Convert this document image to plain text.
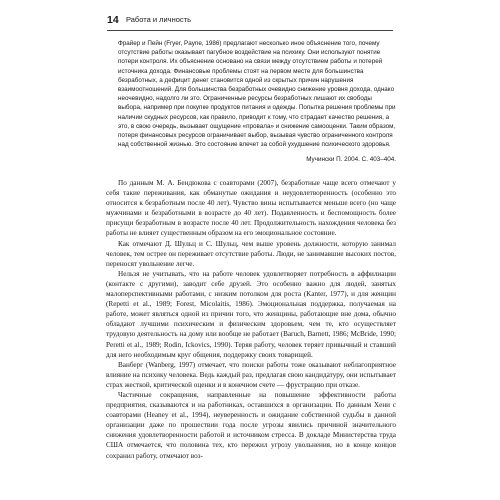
14 Работа и личность

Фрайер и Пейн (Fryer, Payne, 1986) предлагают несколько иное объяснение того, почему отсутствие работы оказывает пагубное воздействие на психику. Они используют понятие потери контроля. Их объяснение основано на связи между отсутствием работы и потерей источника дохода. Финансовые проблемы стоят на первом месте для большинства безработных, а дефицит денег становится одной из скрытых причин нарушения взаимоотношений. Для большинства безработных очевидно снижение уровня дохода, однако неочевидно, надолго ли это. Ограниченные ресурсы безработных лишают их свободы выбора, например при покупке продуктов питания и одежды. Попытка решения проблемы при наличии скудных ресурсов, как правило, приводит к тому, что страдает качество решения, а это, в свою очередь, вызывает ощущение «провала» и снижение самооценки. Таким образом, потеря финансовых ресурсов ограничивает выбор, вызывая чувство ограниченного контроля над собственной жизнью. Это состояние влечет за собой ухудшение психического здоровья.

Мучински П. 2004. С. 403–404.

По данным М. А. Бендюкова с соавторами (2007), безработные чаще всего отмечают у себя такие переживания, как обманутые ожидания и неудовлетворенность (особенно это относится к безработным после 40 лет). Чувство вины испытывается меньше всего (но чаще мужчинами и безработными в возрасте до 40 лет). Подавленность и беспомощность более присущи безработным в возрасте после 40 лет. Продолжительность нахождения человека без работы не влияет существенным образом на его эмоциональное состояние.

Как отмечают Д. Шульц и С. Шульц, чем выше уровень должности, которую занимал человек, тем острее он переживает отсутствие работы. Люди, не занимавшие высоких постов, переносят увольнение легче.

Нельзя не учитывать, что на работе человек удовлетворяет потребность в аффилиации (контакте с другими), заводит себе друзей. Это особенно важно для людей, занятых малоперспективными работами, с низким потолком для роста (Kanter, 1977), и для женщин (Repetti et al., 1989; Forest, Micolaitis, 1986). Эмоциональная поддержка, получаемая на работе, может являться одной из причин того, что женщины, работающие вне дома, обычно обладают лучшими психическим и физическим здоровьем, чем те, кто осуществляет трудовую деятельность на дому или вообще не работает (Baruch, Barnett, 1986; McBride, 1990; Peretti et al., 1989; Rodin, Ickovics, 1990). Теряя работу, человек теряет привычный и ставший для него необходимым круг общения, поддержку своих товарищей.

Ванберг (Wanberg, 1997) отмечает, что поиски работы тоже оказывают неблагоприятное влияние на психику человека. Ведь каждый раз, предлагая свою кандидатуру, они испытывает страх жесткой, критической оценки и в конечном счете — фрустрацию при отказе.

Частичные сокращения, направленные на повышение эффективности работы предприятия, сказываются и на работниках, оставшихся в организации. По данным Хени с соавторами (Heaney et al., 1994), неуверенность и ожидание собственной судьбы в данной организации даже по прошествии года после угрозы явились причиной значительного снижения удовлетворенности работой и источником стресса. В докладе Министерства труда США отмечается, что половина тех, кто пережил угрозу увольнения, но в конце концов сохранил работу, отмечают воз-
